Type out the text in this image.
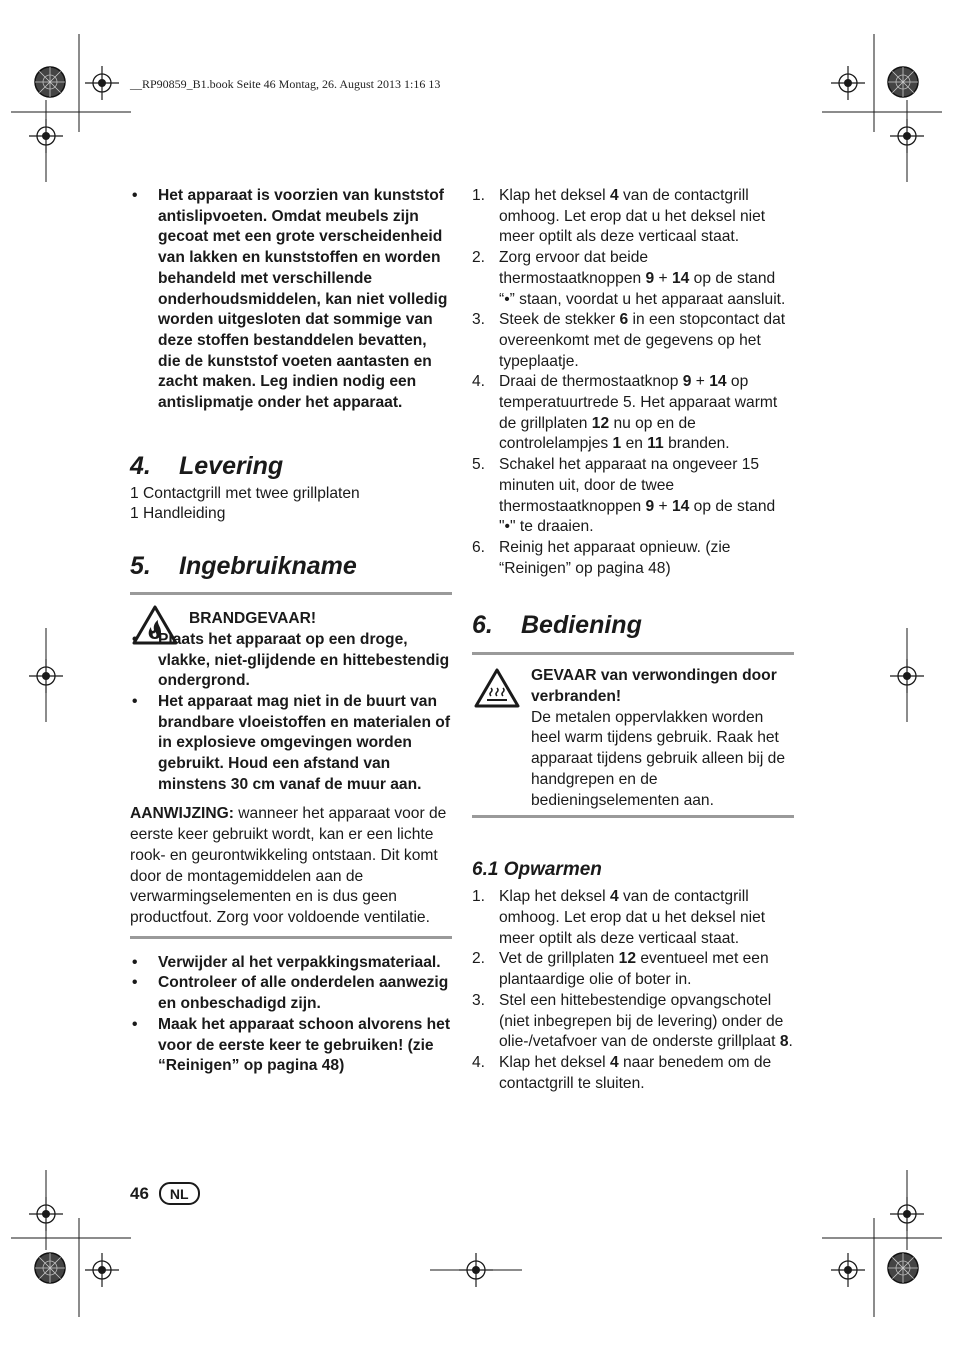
__RP90859_B1.book Seite 46 Montag, 26. August 2013 1:16 13
• Het apparaat is voorzien van kunststof antislipvoeten. Omdat meubels zijn gecoat met een grote verscheidenheid van lakken en kunststoffen en worden behandeld met verschillende onderhoudsmiddelen, kan niet volledig worden uitgesloten dat sommige van deze stoffen bestanddelen bevatten, die de kunststof voeten aantasten en zacht maken. Leg indien nodig een antislipmatje onder het apparaat.
4. Levering

1 Contactgrill met twee grillplaten

1 Handleiding

5. Ingebruikname

BRANDGEVAAR!

• Plaats het apparaat op een droge, vlakke, niet-glijdende en hittebestendig ondergrond.
• Het apparaat mag niet in de buurt van brandbare vloeistoffen en materialen of in explosieve omgevingen worden gebruikt. Houd een afstand van minstens 30 cm vanaf de muur aan.

AANWIJZING: wanneer het apparaat voor de eerste keer gebruikt wordt, kan er een lichte rook- en geurontwikkeling ontstaan. Dit komt door de montagemiddelen aan de verwarmingselementen en is dus geen productfout. Zorg voor voldoende ventilatie.

• Verwijder al het verpakkingsmateriaal.
• Controleer of alle onderdelen aanwezig en onbeschadigd zijn.
• Maak het apparaat schoon alvorens het voor de eerste keer te gebruiken! (zie “Reinigen” op pagina 48)
1. Klap het deksel 4 van de contactgrill omhoog. Let erop dat u het deksel niet meer optilt als deze verticaal staat.
2. Zorg ervoor dat beide thermostaatknoppen 9 + 14 op de stand “•” staan, voordat u het apparaat aansluit.
3. Steek de stekker 6 in een stopcontact dat overeenkomt met de gegevens op het typeplaatje.
4. Draai de thermostaatknop 9 + 14 op temperatuurtrede 5. Het apparaat warmt de grillplaten 12 nu op en de controlelampjes 1 en 11 branden.
5. Schakel het apparaat na ongeveer 15 minuten uit, door de twee thermostaatknoppen 9 + 14 op de stand "•" te draaien.
6. Reinig het apparaat opnieuw. (zie “Reinigen” op pagina 48)
6. Bediening

GEVAAR van verwondingen door verbranden!

De metalen oppervlakken worden heel warm tijdens gebruik. Raak het apparaat tijdens gebruik alleen bij de handgrepen en de bedieningselementen aan.

6.1 Opwarmen
1. Klap het deksel 4 van de contactgrill omhoog. Let erop dat u het deksel niet meer optilt als deze verticaal staat.
2. Vet de grillplaten 12 eventueel met een plantaardige olie of boter in.
3. Stel een hittebestendige opvangschotel (niet inbegrepen bij de levering) onder de olie-/vetafvoer van de onderste grillplaat 8.
4. Klap het deksel 4 naar benedem om de contactgrill te sluiten.
46	NL
